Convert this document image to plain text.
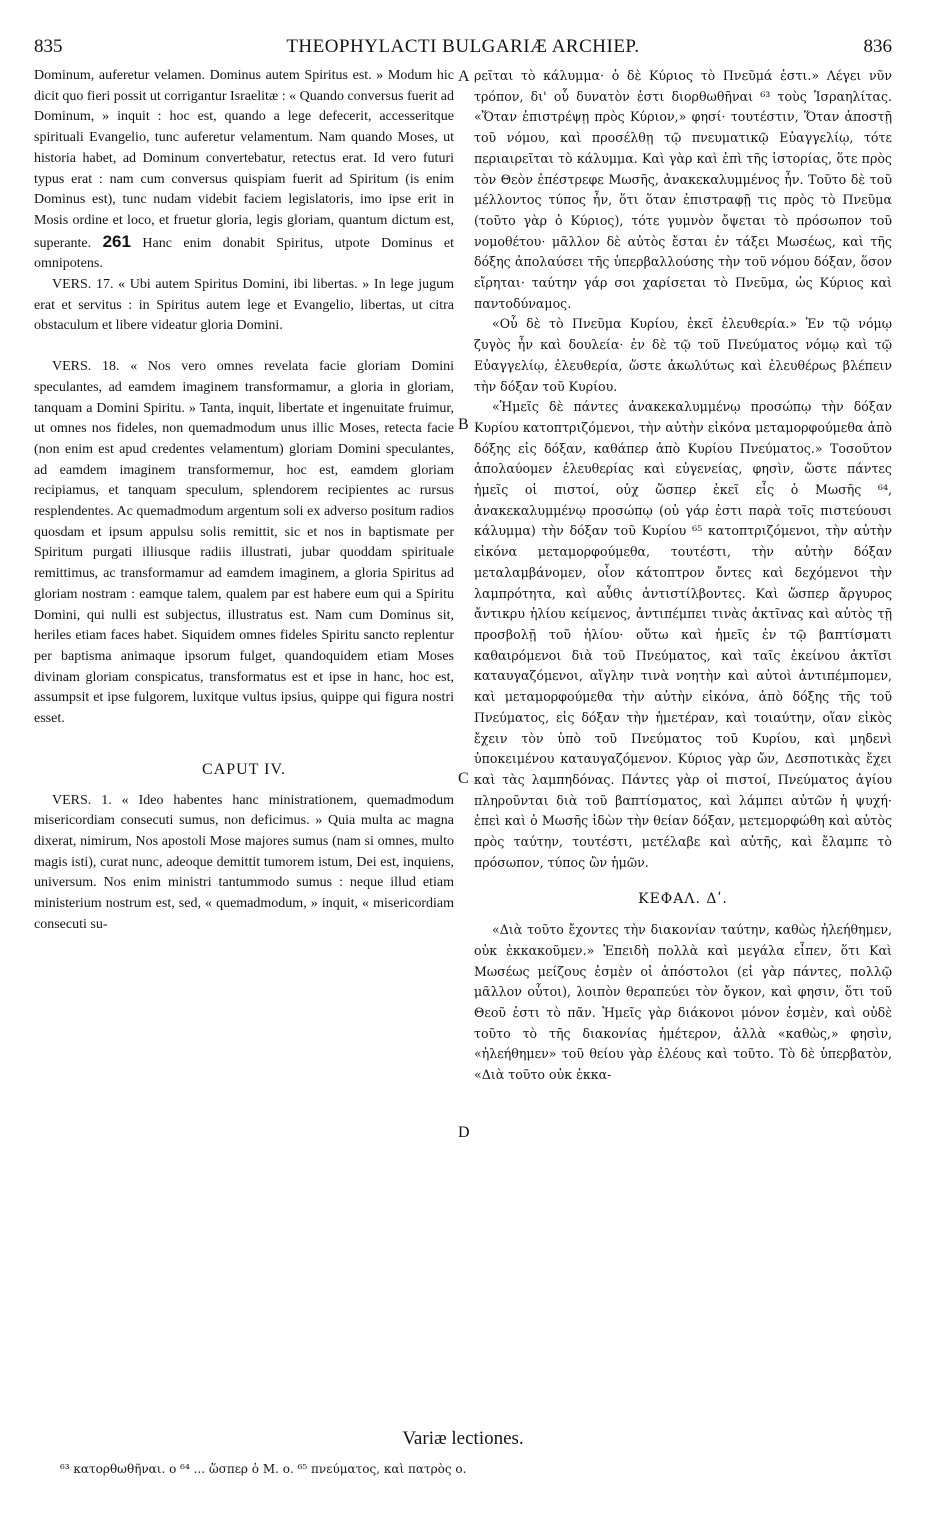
835	THEOPHYLACTI BULGARIÆ ARCHIEP.	836
A
B
C
D

Dominum, auferetur velamen. Dominus autem Spiritus est. » Modum hic dicit quo fieri possit ut corrigantur Israelitæ : « Quando conversus fuerit ad Dominum, » inquit : hoc est, quando a lege defecerit, accesseritque spirituali Evangelio, tunc auferetur velamentum. Nam quando Moses, ut historia habet, ad Dominum convertebatur, retectus erat. Id vero futuri typus erat : nam cum conversus quispiam fuerit ad Spiritum (is enim Dominus est), tunc nudam videbit faciem legislatoris, imo ipse erit in Mosis ordine et loco, et fruetur gloria, legis gloriam, quantum dictum est, superante. 261 Hanc enim donabit Spiritus, utpote Dominus et omnipotens.

VERS. 17. « Ubi autem Spiritus Domini, ibi libertas. » In lege jugum erat et servitus : in Spiritus autem lege et Evangelio, libertas, ut citra obstaculum et libere videatur gloria Domini.

VERS. 18. « Nos vero omnes revelata facie gloriam Domini speculantes, ad eamdem imaginem transformamur, a gloria in gloriam, tanquam a Domini Spiritu. » Tanta, inquit, libertate et ingenuitate fruimur, ut omnes nos fideles, non quemadmodum unus illic Moses, retecta facie (non enim est apud credentes velamentum) gloriam Domini speculantes, ad eamdem imaginem transformemur, hoc est, eamdem gloriam recipiamus, et tanquam speculum, splendorem recipientes ac rursus resplendentes. Ac quemadmodum argentum soli ex adverso positum radios quosdam et ipsum appulsu solis remittit, sic et nos in baptismate per Spiritum purgati illiusque radiis illustrati, jubar quoddam spirituale remittimus, ac transformamur ad eamdem imaginem, a gloria Spiritus ad gloriam nostram : eamque talem, qualem par est habere eum qui a Spiritu Domini, qui nulli est subjectus, illustratus est. Nam cum Dominus sit, heriles etiam faces habet. Siquidem omnes fideles Spiritu sancto replentur per baptisma animaque ipsorum fulget, quandoquidem etiam Moses divinam gloriam conspicatus, transformatus est et ipse in hanc, hoc est, assumpsit et ipse fulgorem, luxitque vultus ipsius, quippe qui figura nostri esset.

CAPUT IV.

VERS. 1. « Ideo habentes hanc ministrationem, quemadmodum misericordiam consecuti sumus, non deficimus. » Quia multa ac magna dixerat, nimirum, Nos apostoli Mose majores sumus (nam si omnes, multo magis isti), curat nunc, adeoque demittit tumorem istum, Dei est, inquiens, universum. Nos enim ministri tantummodo sumus : neque illud etiam ministerium nostrum est, sed, « quemadmodum, » inquit, « misericordiam consecuti su-

ρεῖται τὸ κάλυμμα· ὁ δὲ Κύριος τὸ Πνεῦμά ἐστι.» Λέγει νῦν τρόπον, δι' οὗ δυνατὸν ἐστι διορθωθῆναι ⁶³ τοὺς Ἰσραηλίτας. «Ὅταν ἐπιστρέψῃ πρὸς Κύριον,» φησί· τουτέστιν, Ὅταν ἀποστῇ τοῦ νόμου, καὶ προσέλθῃ τῷ πνευματικῷ Εὐαγγελίῳ, τότε περιαιρεῖται τὸ κάλυμμα. Καὶ γὰρ καὶ ἐπὶ τῆς ἱστορίας, ὅτε πρὸς τὸν Θεὸν ἐπέστρεφε Μωσῆς, ἀνακεκαλυμμένος ἦν. Τοῦτο δὲ τοῦ μέλλοντος τύπος ἦν, ὅτι ὅταν ἐπιστραφῇ τις πρὸς τὸ Πνεῦμα (τοῦτο γὰρ ὁ Κύριος), τότε γυμνὸν ὄψεται τὸ πρόσωπον τοῦ νομοθέτου· μᾶλλον δὲ αὐτὸς ἔσται ἐν τάξει Μωσέως, καὶ τῆς δόξης ἀπολαύσει τῆς ὑπερβαλλούσης τὴν τοῦ νόμου δόξαν, ὅσον εἴρηται· ταύτην γάρ σοι χαρίσεται τὸ Πνεῦμα, ὡς Κύριος καὶ παντοδύναμος.

«Οὗ δὲ τὸ Πνεῦμα Κυρίου, ἐκεῖ ἐλευθερία.» Ἐν τῷ νόμῳ ζυγὸς ἦν καὶ δουλεία· ἐν δὲ τῷ τοῦ Πνεύματος νόμῳ καὶ τῷ Εὐαγγελίῳ, ἐλευθερία, ὥστε ἀκωλύτως καὶ ἐλευθέρως βλέπειν τὴν δόξαν τοῦ Κυρίου.

«Ἡμεῖς δὲ πάντες ἀνακεκαλυμμένῳ προσώπῳ τὴν δόξαν Κυρίου κατοπτριζόμενοι, τὴν αὐτὴν εἰκόνα μεταμορφούμεθα ἀπὸ δόξης εἰς δόξαν, καθάπερ ἀπὸ Κυρίου Πνεύματος.» Τοσοῦτον ἀπολαύομεν ἐλευθερίας καὶ εὐγενείας, φησὶν, ὥστε πάντες ἡμεῖς οἱ πιστοί, οὐχ ὥσπερ ἐκεῖ εἷς ὁ Μωσῆς ⁶⁴, ἀνακεκαλυμμένῳ προσώπῳ (οὐ γάρ ἐστι παρὰ τοῖς πιστεύουσι κάλυμμα) τὴν δόξαν τοῦ Κυρίου ⁶⁵ κατοπτριζόμενοι, τὴν αὐτὴν εἰκόνα μεταμορφούμεθα, τουτέστι, τὴν αὐτὴν δόξαν μεταλαμβάνομεν, οἷον κάτοπτρον ὄντες καὶ δεχόμενοι τὴν λαμπρότητα, καὶ αὖθις ἀντιστίλβοντες. Καὶ ὥσπερ ἄργυρος ἄντικρυ ἡλίου κείμενος, ἀντιπέμπει τινὰς ἀκτῖνας καὶ αὐτὸς τῇ προσβολῇ τοῦ ἡλίου· οὕτω καὶ ἡμεῖς ἐν τῷ βαπτίσματι καθαιρόμενοι διὰ τοῦ Πνεύματος, καὶ ταῖς ἐκείνου ἀκτῖσι καταυγαζόμενοι, αἴγλην τινὰ νοητὴν καὶ αὐτοὶ ἀντιπέμπομεν, καὶ μεταμορφούμεθα τὴν αὐτὴν εἰκόνα, ἀπὸ δόξης τῆς τοῦ Πνεύματος, εἰς δόξαν τὴν ἡμετέραν, καὶ τοιαύτην, οἵαν εἰκὸς ἔχειν τὸν ὑπὸ τοῦ Πνεύματος τοῦ Κυρίου, καὶ μηδενὶ ὑποκειμένου καταυγαζόμενον. Κύριος γὰρ ὤν, Δεσποτικὰς ἔχει καὶ τὰς λαμπηδόνας. Πάντες γὰρ οἱ πιστοί, Πνεύματος ἁγίου πληροῦνται διὰ τοῦ βαπτίσματος, καὶ λάμπει αὐτῶν ἡ ψυχή· ἐπεὶ καὶ ὁ Μωσῆς ἰδὼν τὴν θείαν δόξαν, μετεμορφώθη καὶ αὐτὸς πρὸς ταύτην, τουτέστι, μετέλαβε καὶ αὐτῆς, καὶ ἔλαμπε τὸ πρόσωπον, τύπος ὢν ἡμῶν.

ΚΕΦΑΛ. Δʹ.

«Διὰ τοῦτο ἔχοντες τὴν διακονίαν ταύτην, καθὼς ἠλεήθημεν, οὐκ ἐκκακοῦμεν.» Ἐπειδὴ πολλὰ καὶ μεγάλα εἶπεν, ὅτι Καὶ Μωσέως μείζους ἐσμὲν οἱ ἀπόστολοι (εἰ γὰρ πάντες, πολλῷ μᾶλλον οὗτοι), λοιπὸν θεραπεύει τὸν ὄγκον, καὶ φησιν, ὅτι τοῦ Θεοῦ ἐστι τὸ πᾶν. Ἡμεῖς γὰρ διάκονοι μόνον ἐσμὲν, καὶ οὐδὲ τοῦτο τὸ τῆς διακονίας ἡμέτερον, ἀλλὰ «καθὼς,» φησὶν, «ἠλεήθημεν» τοῦ θείου γὰρ ἐλέους καὶ τοῦτο. Τὸ δὲ ὑπερβατὸν, «Διὰ τοῦτο οὐκ ἐκκα-

Variæ lectiones.
⁶³ κατορθωθῆναι. ο ⁶⁴ ... ὥσπερ ὁ Μ. ο. ⁶⁵ πνεύματος, καὶ πατρὸς ο.
